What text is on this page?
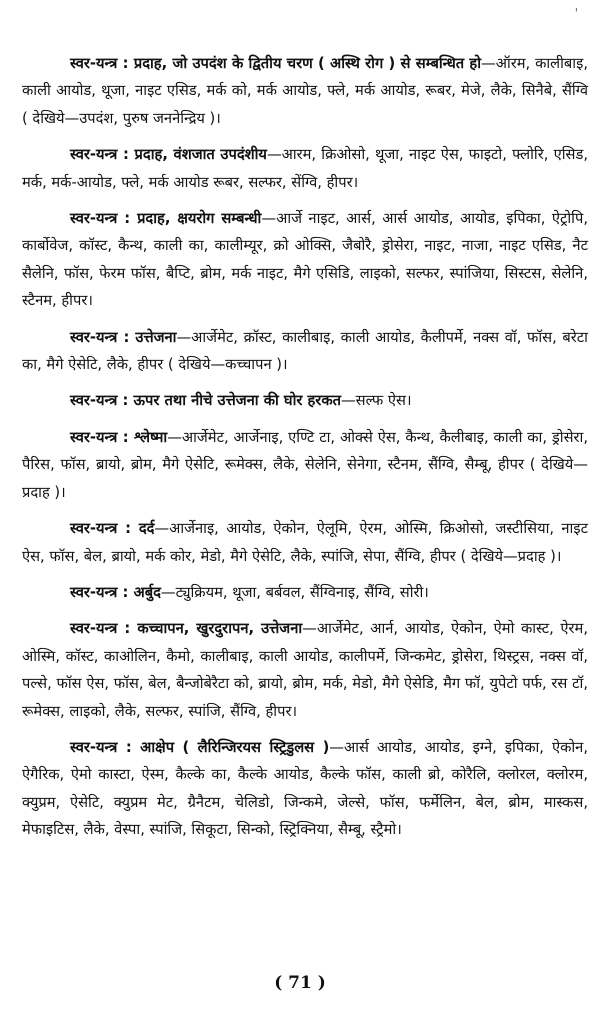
'

स्वर-यन्त्र : प्रदाह, जो उपदंश के द्वितीय चरण ( अस्थि रोग ) से सम्बन्धित हो—ऑरम, कालीबाइ, काली आयोड, थूजा, नाइट एसिड, मर्क को, मर्क आयोड, फ्ले, मर्क आयोड, रूबर, मेजे, लैके, सिनैबे, सैंग्वि ( देखिये—उपदंश, पुरुष जननेन्द्रिय )।

स्वर-यन्त्र : प्रदाह, वंशजात उपदंशीय—आरम, क्रिओसो, थूजा, नाइट ऐस, फाइटो, फ्लोरि, एसिड, मर्क, मर्क-आयोड, फ्ले, मर्क आयोड रूबर, सल्फर, सेंग्वि, हीपर।

स्वर-यन्त्र : प्रदाह, क्षयरोग सम्बन्धी—आर्जे नाइट, आर्स, आर्स आयोड, आयोड, इपिका, ऐट्रोपि, कार्बोवेज, कॉस्ट, कैन्थ, काली का, कालीम्यूर, क्रो ओक्सि, जैबोरै, ड्रोसेरा, नाइट, नाजा, नाइट एसिड, नैट सैलेनि, फॉस, फेरम फॉस, बैप्टि, ब्रोम, मर्क नाइट, मैगे एसिडि, लाइको, सल्फर, स्पांजिया, सिस्टस, सेलेनि, स्टैनम, हीपर।

स्वर-यन्त्र : उत्तेजना—आर्जेमेट, क्रॉस्ट, कालीबाइ, काली आयोड, कैलीपर्मे, नक्स वॉ, फॉस, बरेटा का, मैगे ऐसेटि, लैके, हीपर ( देखिये—कच्चापन )।

स्वर-यन्त्र : ऊपर तथा नीचे उत्तेजना की घोर हरकत—सल्फ ऐस।

स्वर-यन्त्र : श्लेष्मा—आर्जेमेट, आर्जेनाइ, एण्टि टा, ओक्से ऐस, कैन्थ, कैलीबाइ, काली का, ड्रोसेरा, पैरिस, फॉस, ब्रायो, ब्रोम, मैगे ऐसेटि, रूमेक्स, लैके, सेलेनि, सेनेगा, स्टैनम, सैंग्वि, सैम्बू, हीपर ( देखिये—प्रदाह )।

स्वर-यन्त्र : दर्द—आर्जेनाइ, आयोड, ऐकोन, ऐलूमि, ऐरम, ओस्मि, क्रिओसो, जस्टीसिया, नाइट ऐस, फॉस, बेल, ब्रायो, मर्क कोर, मेडो, मैगे ऐसेटि, लैके, स्पांजि, सेपा, सैंग्वि, हीपर ( देखिये—प्रदाह )।

स्वर-यन्त्र : अर्बुद—ट्युक्रियम, थूजा, बर्बवल, सैंग्विनाइ, सैंग्वि, सोरी।

स्वर-यन्त्र : कच्चापन, खुरदुरापन, उत्तेजना—आर्जेमेट, आर्न, आयोड, ऐकोन, ऐमो कास्ट, ऐरम, ओस्मि, कॉस्ट, काओलिन, कैमो, कालीबाइ, काली आयोड, कालीपर्मे, जिन्कमेट, ड्रोसेरा, थिस्ट्रस, नक्स वॉ, पल्से, फॉस ऐस, फॉस, बेल, बैन्जोबेरैटा को, ब्रायो, ब्रोम, मर्क, मेडो, मैगे ऐसेडि, मैग फॉ, युपेटो पर्फ, रस टॉ, रूमेक्स, लाइको, लैके, सल्फर, स्पांजि, सैंग्वि, हीपर।

स्वर-यन्त्र : आक्षेप ( लैरिन्जिरयस स्ट्रिडुलस )—आर्स आयोड, आयोड, इग्ने, इपिका, ऐकोन, ऐगैरिक, ऐमो कास्टा, ऐस्म, कैल्के का, कैल्के आयोड, कैल्के फॉस, काली ब्रो, कोरैलि, क्लोरल, क्लोरम, क्युप्रम, ऐसेटि, क्युप्रम मेट, ग्रैनैटम, चेलिडो, जिन्कमे, जेल्से, फॉस, फर्मेलिन, बेल, ब्रोम, मास्कस, मेफाइटिस, लैके, वेस्पा, स्पांजि, सिकूटा, सिन्को, स्ट्रिक्निया, सैम्बू, स्ट्रैमो।

( 71 )
